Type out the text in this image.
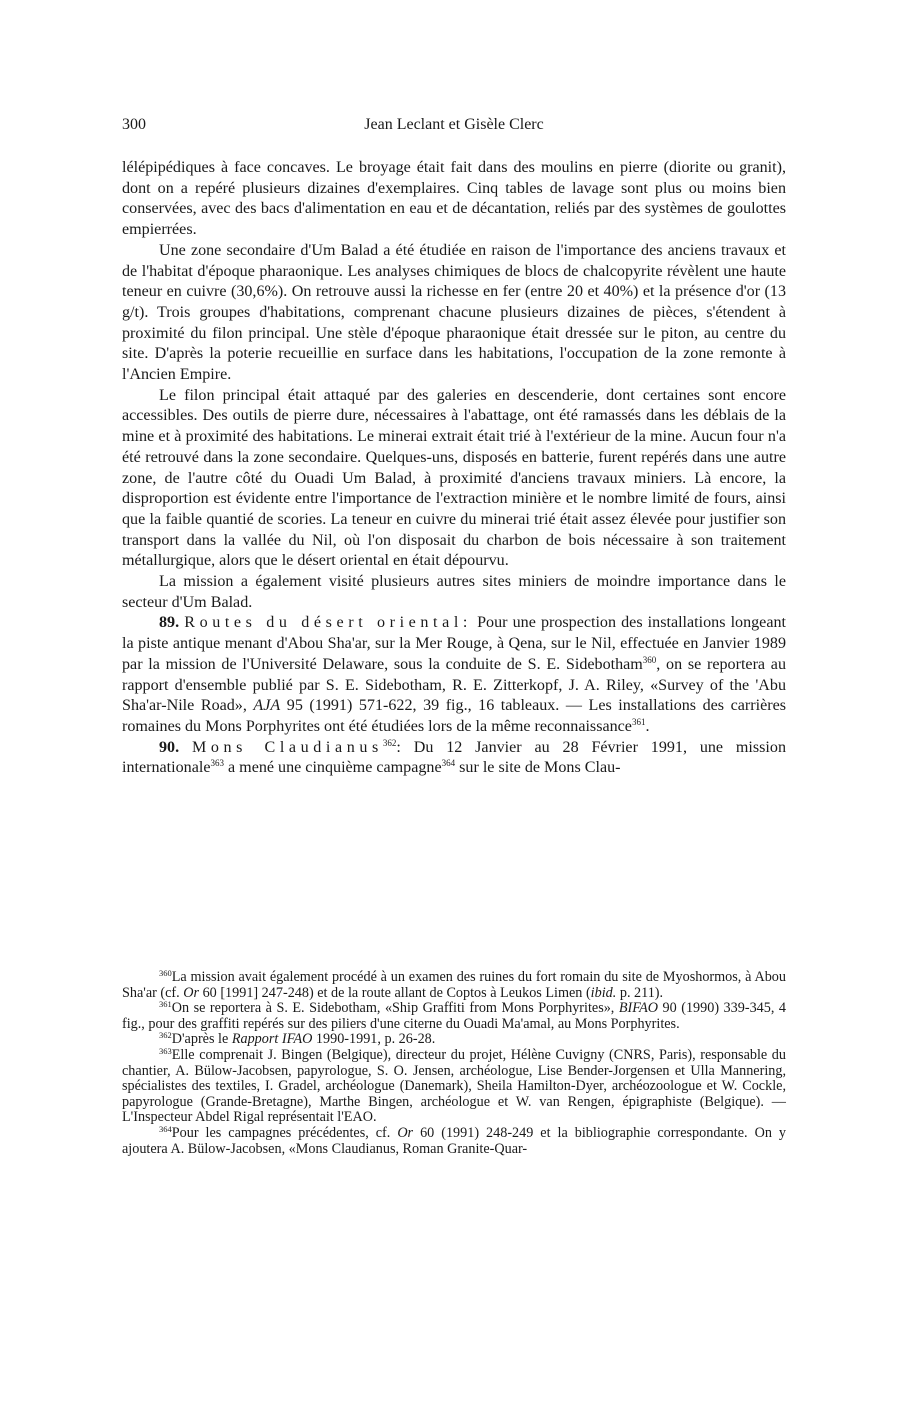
300	Jean Leclant et Gisèle Clerc

lélépipédiques à face concaves. Le broyage était fait dans des moulins en pierre (diorite ou granit), dont on a repéré plusieurs dizaines d'exemplaires. Cinq tables de lavage sont plus ou moins bien conservées, avec des bacs d'alimentation en eau et de décantation, reliés par des systèmes de goulottes empierrées.

Une zone secondaire d'Um Balad a été étudiée en raison de l'importance des anciens travaux et de l'habitat d'époque pharaonique. Les analyses chimiques de blocs de chalcopyrite révèlent une haute teneur en cuivre (30,6%). On retrouve aussi la richesse en fer (entre 20 et 40%) et la présence d'or (13 g/t). Trois groupes d'habitations, comprenant chacune plusieurs dizaines de pièces, s'étendent à proximité du filon principal. Une stèle d'époque pharaonique était dressée sur le piton, au centre du site. D'après la poterie recueillie en surface dans les habitations, l'occupation de la zone remonte à l'Ancien Empire.

Le filon principal était attaqué par des galeries en descenderie, dont certaines sont encore accessibles. Des outils de pierre dure, nécessaires à l'abattage, ont été ramassés dans les déblais de la mine et à proximité des habitations. Le minerai extrait était trié à l'extérieur de la mine. Aucun four n'a été retrouvé dans la zone secondaire. Quelques-uns, disposés en batterie, furent repérés dans une autre zone, de l'autre côté du Ouadi Um Balad, à proximité d'anciens travaux miniers. Là encore, la disproportion est évidente entre l'importance de l'extraction minière et le nombre limité de fours, ainsi que la faible quantié de scories. La teneur en cuivre du minerai trié était assez élevée pour justifier son transport dans la vallée du Nil, où l'on disposait du charbon de bois nécessaire à son traitement métallurgique, alors que le désert oriental en était dépourvu.

La mission a également visité plusieurs autres sites miniers de moindre importance dans le secteur d'Um Balad.

89. Routes du désert oriental: Pour une prospection des installations longeant la piste antique menant d'Abou Sha'ar, sur la Mer Rouge, à Qena, sur le Nil, effectuée en Janvier 1989 par la mission de l'Université Delaware, sous la conduite de S. E. Sidebotham$^{360}$, on se reportera au rapport d'ensemble publié par S. E. Sidebotham, R. E. Zitterkopf, J. A. Riley, «Survey of the 'Abu Sha'ar-Nile Road», AJA 95 (1991) 571-622, 39 fig., 16 tableaux. — Les installations des carrières romaines du Mons Porphyrites ont été étudiées lors de la même reconnaissance$^{361}$.

90. Mons Claudianus$^{362}$: Du 12 Janvier au 28 Février 1991, une mission internationale$^{363}$ a mené une cinquième campagne$^{364}$ sur le site de Mons Clau-

$^{360}$La mission avait également procédé à un examen des ruines du fort romain du site de Myoshormos, à Abou Sha'ar (cf. Or 60 [1991] 247-248) et de la route allant de Coptos à Leukos Limen (ibid. p. 211).

$^{361}$On se reportera à S. E. Sidebotham, «Ship Graffiti from Mons Porphyrites», BIFAO 90 (1990) 339-345, 4 fig., pour des graffiti repérés sur des piliers d'une citerne du Ouadi Ma'amal, au Mons Porphyrites.

$^{362}$D'après le Rapport IFAO 1990-1991, p. 26-28.

$^{363}$Elle comprenait J. Bingen (Belgique), directeur du projet, Hélène Cuvigny (CNRS, Paris), responsable du chantier, A. Bülow-Jacobsen, papyrologue, S. O. Jensen, archéologue, Lise Bender-Jorgensen et Ulla Mannering, spécialistes des textiles, I. Gradel, archéologue (Danemark), Sheila Hamilton-Dyer, archéozoologue et W. Cockle, papyrologue (Grande-Bretagne), Marthe Bingen, archéologue et W. van Rengen, épigraphiste (Belgique). — L'Inspecteur Abdel Rigal représentait l'EAO.

$^{364}$Pour les campagnes précédentes, cf. Or 60 (1991) 248-249 et la bibliographie correspondante. On y ajoutera A. Bülow-Jacobsen, «Mons Claudianus, Roman Granite-Quar-
